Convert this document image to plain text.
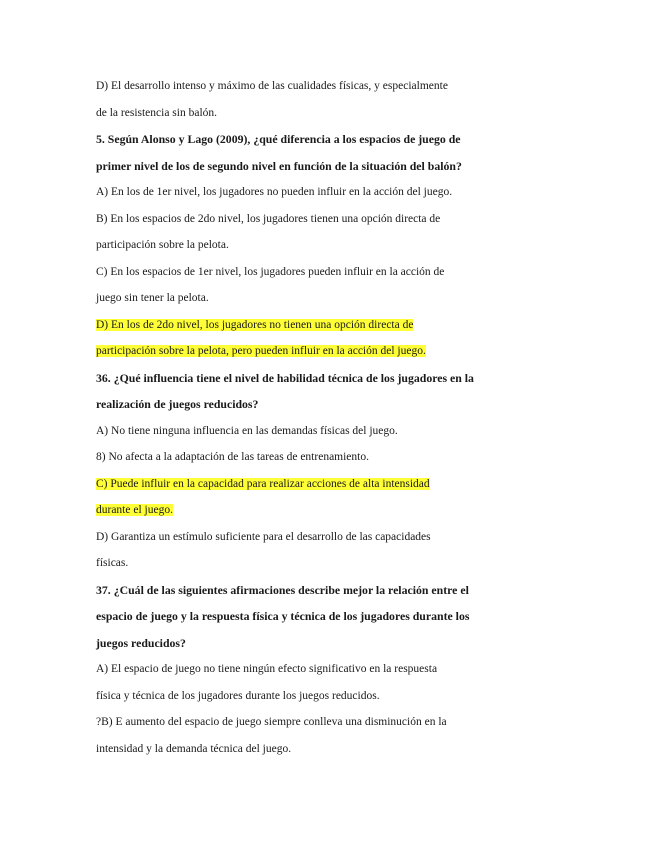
D) El desarrollo intenso y máximo de las cualidades físicas, y especialmente
de la resistencia sin balón.
5. Según Alonso y Lago (2009), ¿qué diferencia a los espacios de juego de
primer nivel de los de segundo nivel en función de la situación del balón?
A) En los de 1er nivel, los jugadores no pueden influir en la acción del juego.
B) En los espacios de 2do nivel, los jugadores tienen una opción directa de
participación sobre la pelota.
C) En los espacios de 1er nivel, los jugadores pueden influir en la acción de
juego sin tener la pelota.
D) En los de 2do nivel, los jugadores no tienen una opción directa de
participación sobre la pelota, pero pueden influir en la acción del juego.
36. ¿Qué influencia tiene el nivel de habilidad técnica de los jugadores en la
realización de juegos reducidos?
A) No tiene ninguna influencia en las demandas físicas del juego.
8) No afecta a la adaptación de las tareas de entrenamiento.
C) Puede influir en la capacidad para realizar acciones de alta intensidad
durante el juego.
D) Garantiza un estímulo suficiente para el desarrollo de las capacidades
físicas.
37. ¿Cuál de las siguientes afirmaciones describe mejor la relación entre el
espacio de juego y la respuesta física y técnica de los jugadores durante los
juegos reducidos?
A) El espacio de juego no tiene ningún efecto significativo en la respuesta
física y técnica de los jugadores durante los juegos reducidos.
?B) E aumento del espacio de juego siempre conlleva una disminución en la
intensidad y la demanda técnica del juego.
